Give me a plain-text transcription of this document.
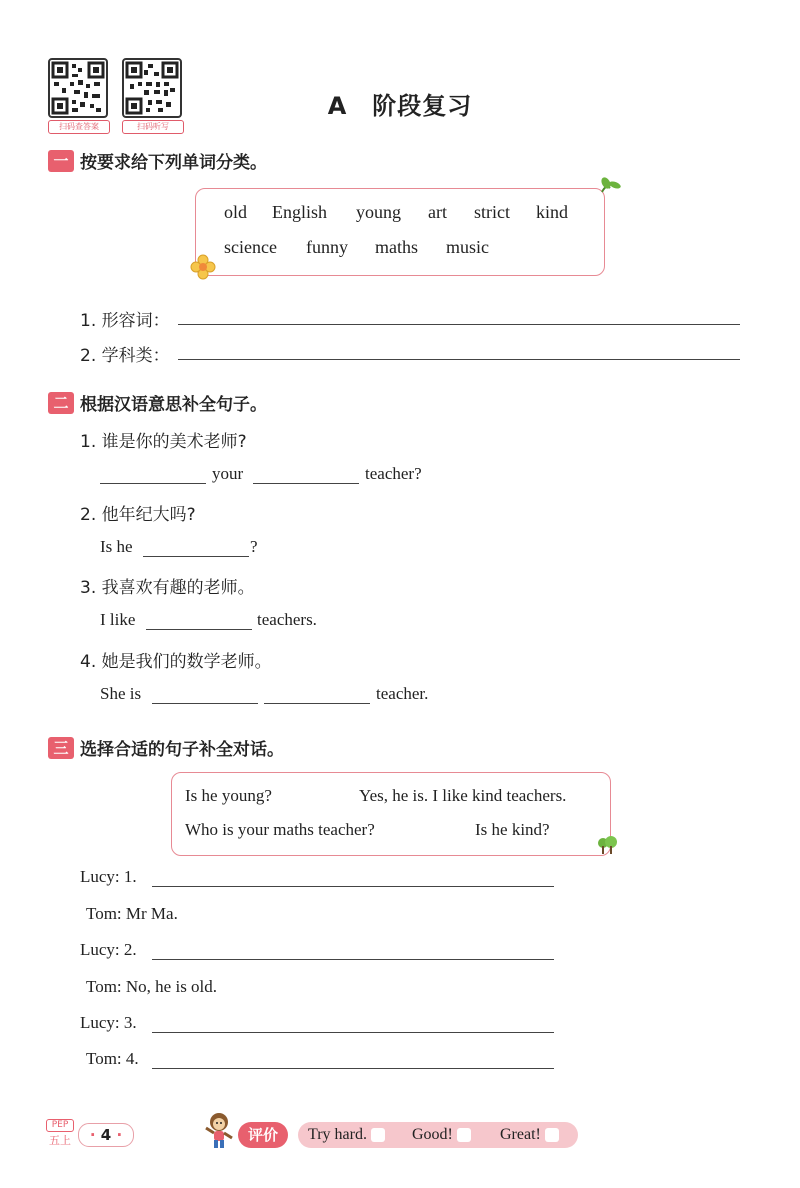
扫码查答案	扫码听写
A　阶段复习
一 按要求给下列单词分类。
old English young art strict kind
science funny maths music
1. 形容词：
2. 学科类：
二 根据汉语意思补全句子。
1. 谁是你的美术老师?
your	teacher?
2. 他年纪大吗?
Is he	?
3. 我喜欢有趣的老师。
I like	teachers.
4. 她是我们的数学老师。
She is	teacher.
三 选择合适的句子补全对话。
Is he young?	Yes, he is. I like kind teachers.
Who is your maths teacher?	Is he kind?
Lucy: 1.
Tom: Mr Ma.
Lucy: 2.
Tom: No, he is old.
Lucy: 3.
Tom: 4.
PEP
五上	· 4 ·	评价	Try hard.	Good!	Great!
